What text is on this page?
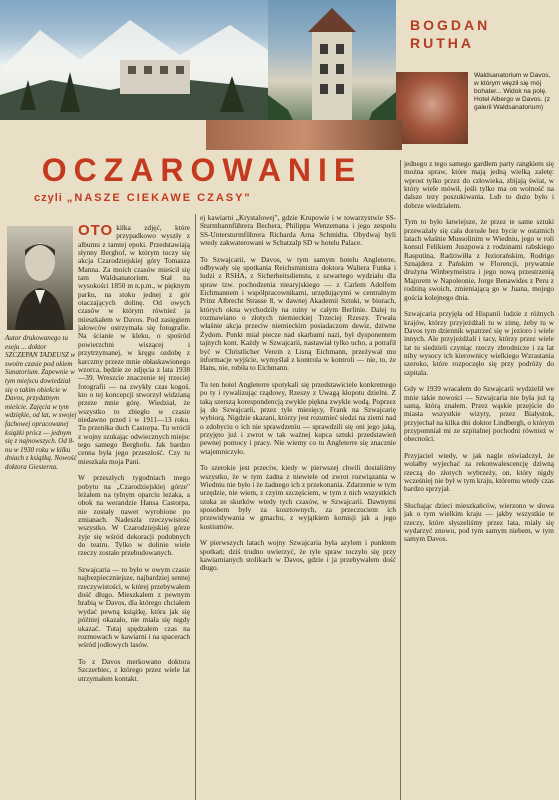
BOGDAN
RUTHA
Waldsanatorium w Davos, w którym więził się mój bohater... Widok na polę. Hotel Albergo w Davos. (z galerii Waldsanatorium)
OCZAROWANIE
czyli „NASZE CIEKAWE CZASY"
Autor drukowanego tu eseju ... doktor SZCZEPAN TADEUSZ w swoim czasie pod okiem Sanatorium. Zapewnie w tym miejscu dowiedział się o takim obiekcie w Davos, przydatnym mieście. Zajęcia w tym wdziękie, od lat, w swojej fachowej opracowanej książki prócz — jednym się z najnowszych. Od 8-nu w 1930 roku w kilku dniach z książką. Nowość doktora Giesterna.
OTO kilka zdjęć, które przypadkowo wyszły z albumu z tamtej epoki. Przedstawiają słynny Berghof, w którym toczy się akcja Czarodziejskiej góry Tomasza Manna. Za moich czasów mieścił się tam Waldsanatorium. Stał na wysokości 1850 m n.p.m., w pięknym parku, na stoku jednej z gór otaczających dolinę. Od owych czasów w którym również ja mieszkałem w Davos. Pod zasięgiem jałowców ostrzymała się fotografie. Na ścianie w kleku, o spośród powierzchni wiszącej i przytrzymanej, w kręgu ozdobę z karczmy przeze mnie obłaskawionego wzorca, będzie ze zdjęcia z lata 1938—39. Wreszcie znaczenie tej trzeciej fotografii — na zwykły czas kogoś, kto o tej koncepcji stworzył widzianą przeze mnie górę. Wiedział, że wszystko to zbiegło w czasie niedawno przed i w 1911—13 roku. Tu przenika duch Castorpa. Tu wrócił z wojny szukając odwiecznych miejsc tego samego Berghofu. Jak bardzo cenna była jego przeszłość. Czy tu mieszkała moja Pani.

W przeszłych tygodniach mego pobytu na „Czarodziejskiej górze" leżałem na tylnym oparciu leżaka, a obok na werandzie Hansa Castorpa, nie zostały nawet wyrobione po zmianach. Nadeszła rzeczywistość wszystko. W Czarodziejskiej górze żyje się wśród dekoracji podobnych do teatru. Tylko w dolinie wiele rzeczy zostało przebudowanych.

Szwajcaria — to było w owym czasie najbezpieczniejsze, najbardziej sennej rzeczywistości, w której przebywałem dość długo. Mieszkałem z pewnym hrabią w Davos, dla którego chciałem wydać pewną książkę, która jak się później okazało, nie miała się nigdy ukazać. Tutaj spędzałem czas na rozmowach w kawiarni i na spacerach wśród jodłowych lasów.

To z Davos merkowano doktora Szczerbiec, z którego przez wiele lat utrzymałem kontakt.

ej kawiarni „Krystalowej", gdzie Krupowie i w towarzystwie SS-Sturmbannführera Bechera, Philippa Wenzemana i jego zespołu SS-Untersturmführera Richarda Arna Schmidta. Obydwaj byli wtedy zakwaterowani w Schatzalp SD w hotelu Palace.

To Szwajcarii, w Davos, w tym samym hotelu Angleterre, odbywały się spotkania Reichsministra doktora Waltera Funka i ludzi z RSHA, z Sicherheitsdienstu, z szwartego wydziału dla spraw tzw. pochodzenia niearyjskiego — z Carlem Adolfem Eichmannem i współpracownikami, urzędującymi w centralnym Prinz Albrecht Strasse 8, w dawnej Akademii Sztuki, w biurach, których okna wychodziły na ruiny w całym Berlinie. Dalej tu rozmawiano o złotych niemieckiej Trzeciej Rzeszy. Trwała właśnie akcja przeciw niemieckim posiadaczom dewiz, dziwne Żydom. Punkt miał piecze nad skarbami nazi, był dysponentem tajnych kont. Każdy w Szwajcarii, nastawiał tylko ucho, a potrafił być w Christlicher Verein z Lisną Eichmann, przeżywał mu informacje wyjście, wymyślał z kontrola w kontroli — nie, to, że Hans, nie, robiła to Eichmann.

Tu ten hotel Angleterre spotykali się przedstawiciele konkretnego po ty i rywalizując rządowy, Rzeszy z Uwagą kłopotu dzielni. Z taką szerszą korespondencją zwykle piękna zwykle wodą. Poprzez ją do Szwajcarii, przez tyle miesięcy, Frank na Szwajcarię wybiorą. Nigdzie skazani, którzy jest rozumieć siedzi na ziemi nad o zdobyciu o ich nie sprawdzeniu — sprawdzili się oni jego jaką, przyjęto już i zwrot w tak ważnej kupca sztuki przedstawień pewnej pomocy i pracy. Nie wiemy co tu Angleterre się znacznie wtajemniczyło.

To szerokie jest przeciw, kiedy w pierwszej chwili dostaliśmy wszystko, że w tym żadna z niewiele od zwrot rozwiązania w Wiedniu nie było i że żadnego ich z przekonania. Zdarzenie w tym urzędzie, nie wiem, z czyim szczęściem, w tym z nich wszystkich szuka ze skutków wtedy tych czasów, w Szwajcarii. Dawnymi sposobem były za kosztownych, za przeczuciem ich przewidywania w gmachu, z wyjątkiem komisji jak a jego kostiumów.

W pierwszych latach wojny Szwajcaria była azylem i punktem spotkań; dziś trudno uwierzyć, że tyle spraw toczyło się przy kawiarnianych stolikach w Davos, gdzie i ja przebywałem dość długo.

jednego z tego samego gardłem party rangkiem się można spraw, które mają jedną wielką zaletę: wprost tylko przez do człowieka, zbijają świat, w który wiele mówił, jeśli tylko ma on wolność na dalsze tezy poszukiwania. Lub to dużo było i dobrze wiedziałem.

Tym to było łatwiejsze, że przez te same sztuki przeważały się cała dorosłe bez bycie w ostatnich latach właśnie Mussolinim w Wiedniu, jego w roli konsul Felikiem Juszpowa z rodzinami rabskiego Rasputina, Radziwiłła z Jeziorańskim, Rodrigo Sznajdera z Pańskim w Florencji, prywatnie drużyna Winbeymeistra i jego nową przestrzenią Majorem w Napoleonie, Jorge Benawides z Peru z rodziną swoich, zmieniającą go w Juana, mojego gościa kolejnego dnia.

Szwajcaria przyjęła od Hispanii ludzie z różnych krajów, którzy przyjeżdżali tu w zimę, żeby tu w Davos tym dziennik wpatrzeć się w jezioro i wiele innych. Ale przyjeżdżali i tacy, którzy przez wiele lat tu siedzieli czyniąc rzeczy zbrodnicze i za lat niby wysocy ich kierownicy wielkiego Wzrastania szeroko, które rozpoczęło się przy podróży do szpitala.

Gdy w 1939 wracałem do Szwajcarii wydzielił we mnie takie nowości — Szwajcaria nie była już tą samą, którą znałem. Przez wąskie przejście do miasta wszystkie wizyty, przez Białystok, przyjechał na kilka dni doktor Lindbergh, o którym przypomniał mi ze szpitalnej pochodni również w obecności.

Przyjaciel wtedy, w jak nagle oświadczył, że wolałby wyjechać za rekonwalescencję dziwną rzeczą do złotych wybrzeży, on, który nigdy wcześniej nie był w tym kraju, któremu wtedy czas bardzo sprzyjał.

Słuchając dzieci mieszkańców, wierzono w słowa jak o tym wielkim kraju — jakby wszystkie te rzeczy, które słyszeliśmy przez lata, miały się wydarzyć znowu, pod tym samym niebem, w tym samym Davos.
